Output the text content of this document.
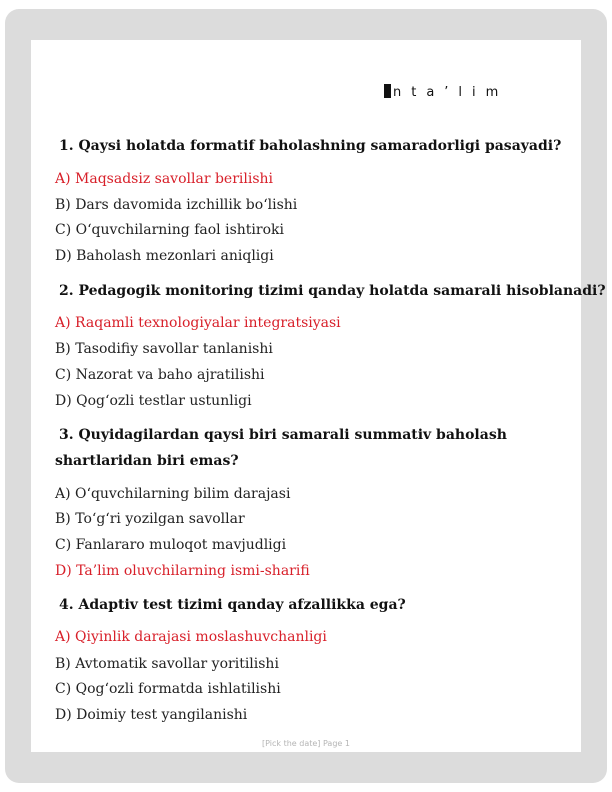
nta’lim
1. Qaysi holatda formatif baholashning samaradorligi pasayadi?
A) Maqsadsiz savollar berilishi
B) Dars davomida izchillik bo‘lishi
C) O‘quvchilarning faol ishtiroki
D) Baholash mezonlari aniqligi
2. Pedagogik monitoring tizimi qanday holatda samarali hisoblanadi?
A) Raqamli texnologiyalar integratsiyasi
B) Tasodifiy savollar tanlanishi
C) Nazorat va baho ajratilishi
D) Qog‘ozli testlar ustunligi
3. Quyidagilardan qaysi biri samarali summativ baholash
shartlaridan biri emas?
A) O‘quvchilarning bilim darajasi
B) To‘g‘ri yozilgan savollar
C) Fanlararo muloqot mavjudligi
D) Ta’lim oluvchilarning ismi-sharifi
4. Adaptiv test tizimi qanday afzallikka ega?
A) Qiyinlik darajasi moslashuvchanligi
B) Avtomatik savollar yoritilishi
C) Qog‘ozli formatda ishlatilishi
D) Doimiy test yangilanishi
[Pick the date] Page 1
